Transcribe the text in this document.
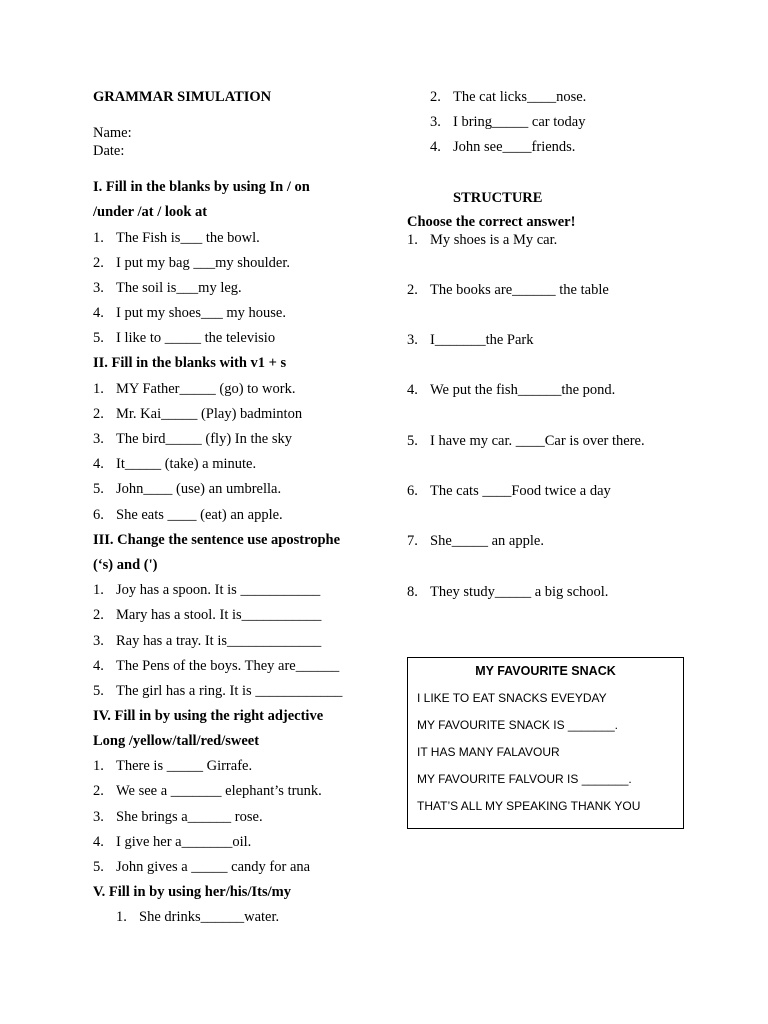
GRAMMAR SIMULATION
Name:
Date:
I. Fill in the blanks by using In / on
/under /at / look at
1. The Fish is___ the bowl.
2. I put my bag ___my shoulder.
3. The soil is___my leg.
4. I put my shoes___ my house.
5. I like to _____ the televisio
II. Fill in the blanks with v1 + s
1. MY Father_____ (go) to work.
2. Mr. Kai_____ (Play) badminton
3. The bird_____ (fly) In the sky
4. It_____ (take) a minute.
5. John____ (use) an umbrella.
6. She eats ____ (eat) an apple.
III. Change the sentence use apostrophe
(‘s) and (')
1. Joy has a spoon. It is ___________
2. Mary has a stool. It is___________
3. Ray has a tray. It is_____________
4. The Pens of the boys. They are______
5. The girl has a ring. It is ____________
IV. Fill in by using the right adjective
Long /yellow/tall/red/sweet
1. There is _____ Girrafe.
2. We see a _______ elephant’s trunk.
3. She brings a______ rose.
4. I give her a_______oil.
5. John gives a _____ candy for ana
V. Fill in by using her/his/Its/my
1. She drinks______water.
2. The cat licks____nose.
3. I bring_____ car today
4. John see____friends.
STRUCTURE
Choose the correct answer!
1. My shoes is a My car.
2. The books are______ the table
3. I_______the Park
4. We put the fish______the pond.
5. I have my car. ____Car is over there.
6. The cats ____Food twice a day
7. She_____ an apple.
8. They study_____ a big school.
MY FAVOURITE SNACK
I LIKE TO EAT SNACKS EVEYDAY
MY FAVOURITE SNACK IS _______.
IT HAS MANY FALAVOUR
MY FAVOURITE FALVOUR IS _______.
THAT’S ALL MY SPEAKING THANK YOU
